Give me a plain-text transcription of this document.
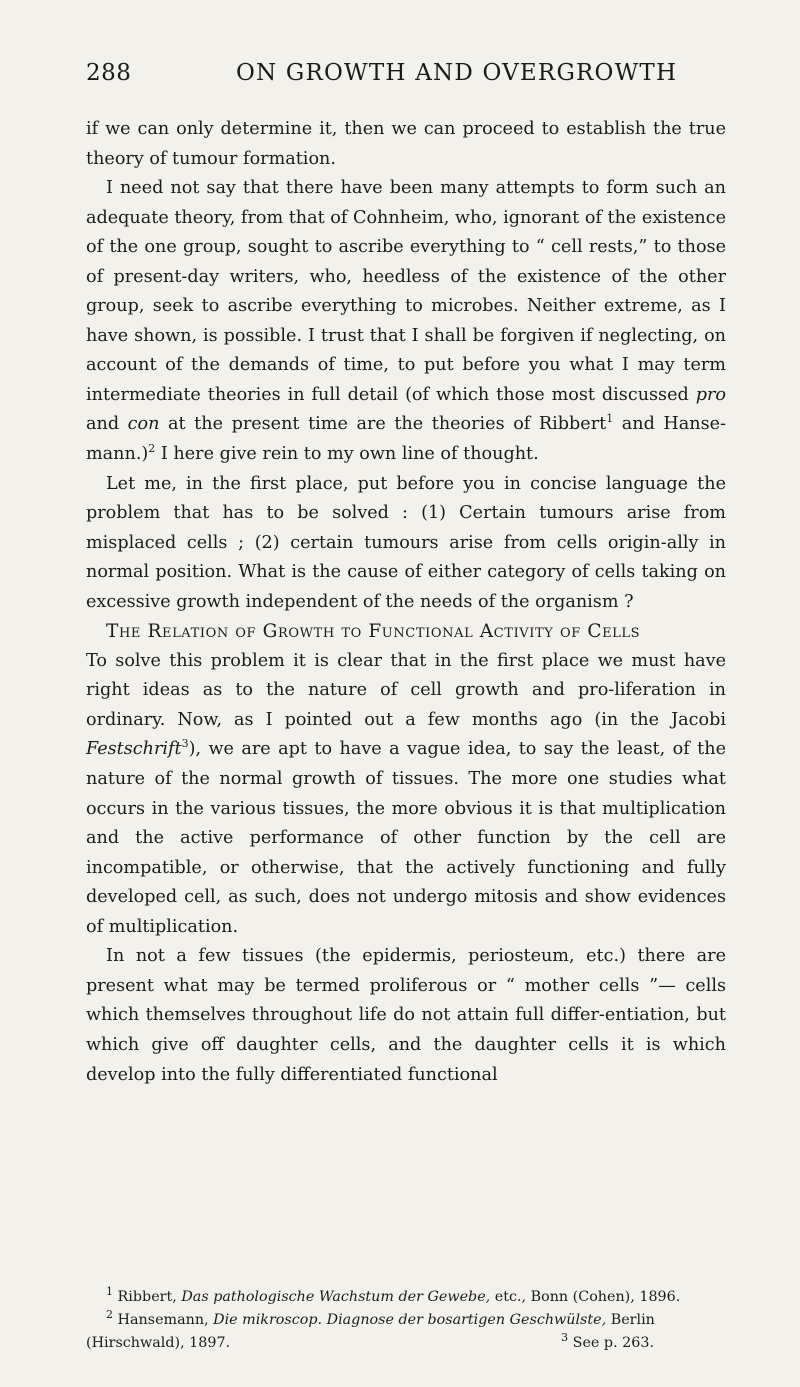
288	ON GROWTH AND OVERGROWTH

if we can only determine it, then we can proceed to establish the true theory of tumour formation.

I need not say that there have been many attempts to form such an adequate theory, from that of Cohnheim, who, ignorant of the existence of the one group, sought to ascribe everything to “ cell rests,” to those of present-day writers, who, heedless of the existence of the other group, seek to ascribe everything to microbes. Neither extreme, as I have shown, is possible. I trust that I shall be forgiven if neglecting, on account of the demands of time, to put before you what I may term intermediate theories in full detail (of which those most discussed pro and con at the present time are the theories of Ribbert$^1$ and Hanse-mann.)$^2$ I here give rein to my own line of thought.

Let me, in the first place, put before you in concise language the problem that has to be solved : (1) Certain tumours arise from misplaced cells ; (2) certain tumours arise from cells origin-ally in normal position. What is the cause of either category of cells taking on excessive growth independent of the needs of the organism ?

The Relation of Growth to Functional Activity of Cells

To solve this problem it is clear that in the first place we must have right ideas as to the nature of cell growth and pro-liferation in ordinary. Now, as I pointed out a few months ago (in the Jacobi Festschrift$^3$), we are apt to have a vague idea, to say the least, of the nature of the normal growth of tissues. The more one studies what occurs in the various tissues, the more obvious it is that multiplication and the active performance of other function by the cell are incompatible, or otherwise, that the actively functioning and fully developed cell, as such, does not undergo mitosis and show evidences of multiplication.

In not a few tissues (the epidermis, periosteum, etc.) there are present what may be termed proliferous or “ mother cells ”— cells which themselves throughout life do not attain full differ-entiation, but which give off daughter cells, and the daughter cells it is which develop into the fully differentiated functional

$^1$ Ribbert, Das pathologische Wachstum der Gewebe, etc., Bonn (Cohen), 1896.
$^2$ Hansemann, Die mikroscop. Diagnose der bosartigen Geschwülste, Berlin
(Hirschwald), 1897.	$^3$ See p. 263.
